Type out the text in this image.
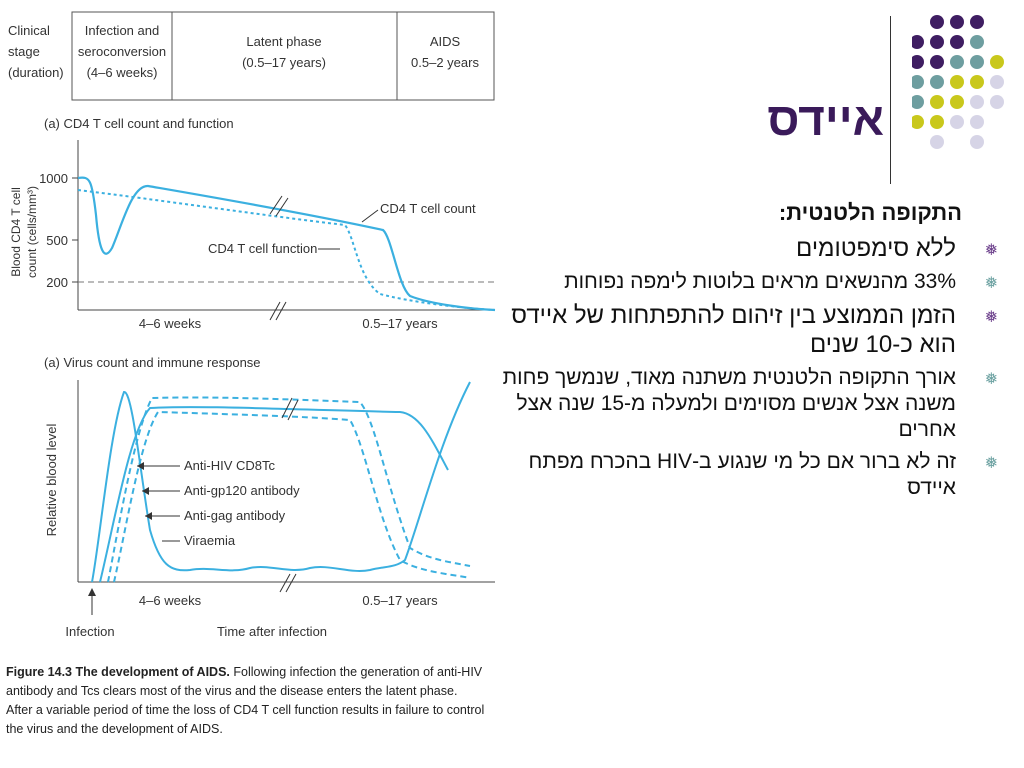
Clinical
stage
(duration)
Infection and
seroconversion
(4–6 weeks)
Latent phase
(0.5–17 years)
AIDS
0.5–2 years
(a) CD4 T cell count and function
Blood CD4 T cell count (cells/mm³)
1000
500
200
CD4 T cell count
CD4 T cell function
4–6 weeks	0.5–17 years
(a) Virus count and immune response
Relative blood level	Anti-HIV CD8Tc
Anti-gp120 antibody
Anti-gag antibody
Viraemia
4–6 weeks	0.5–17 years
Infection	Time after infection
Figure 14.3 The development of AIDS. Following infection the generation of anti-HIV antibody and Tcs clears most of the virus and the disease enters the latent phase. After a variable period of time the loss of CD4 T cell function results in failure to control the virus and the development of AIDS.
איידס
התקופה הלטנטית:
❅
ללא סימפטומים
❅
33% מהנשאים מראים בלוטות לימפה נפוחות
❅
הזמן הממוצע בין זיהום להתפתחות של איידס הוא כ-10 שנים
❅
אורך התקופה הלטנטית משתנה מאוד, שנמשך פחות משנה אצל אנשים מסוימים ולמעלה מ-15 שנה אצל אחרים
❅
זה לא ברור אם כל מי שנגוע ב-HIV בהכרח מפתח איידס
